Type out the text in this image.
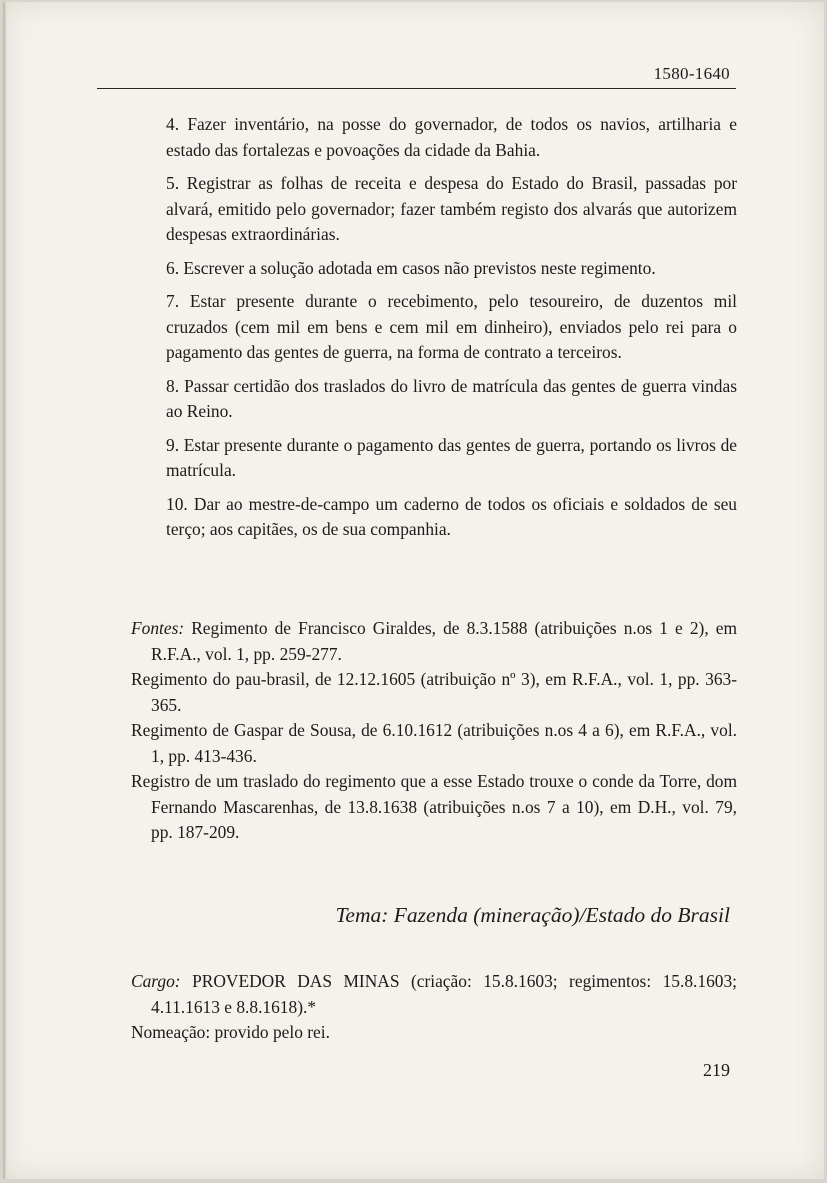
1580-1640

4. Fazer inventário, na posse do governador, de todos os navios, artilharia e estado das fortalezas e povoações da cidade da Bahia.

5. Registrar as folhas de receita e despesa do Estado do Brasil, passadas por alvará, emitido pelo governador; fazer também registo dos alvarás que autorizem despesas extraordinárias.

6. Escrever a solução adotada em casos não previstos neste regimento.

7. Estar presente durante o recebimento, pelo tesoureiro, de duzentos mil cruzados (cem mil em bens e cem mil em dinheiro), enviados pelo rei para o pagamento das gentes de guerra, na forma de contrato a terceiros.

8. Passar certidão dos traslados do livro de matrícula das gentes de guerra vindas ao Reino.

9. Estar presente durante o pagamento das gentes de guerra, portando os livros de matrícula.

10. Dar ao mestre-de-campo um caderno de todos os oficiais e soldados de seu terço; aos capitães, os de sua companhia.

Fontes: Regimento de Francisco Giraldes, de 8.3.1588 (atribuições n.os 1 e 2), em R.F.A., vol. 1, pp. 259-277.

Regimento do pau-brasil, de 12.12.1605 (atribuição nº 3), em R.F.A., vol. 1, pp. 363-365.

Regimento de Gaspar de Sousa, de 6.10.1612 (atribuições n.os 4 a 6), em R.F.A., vol. 1, pp. 413-436.

Registro de um traslado do regimento que a esse Estado trouxe o conde da Torre, dom Fernando Mascarenhas, de 13.8.1638 (atribuições n.os 7 a 10), em D.H., vol. 79, pp. 187-209.

Tema: Fazenda (mineração)/Estado do Brasil

Cargo: PROVEDOR DAS MINAS (criação: 15.8.1603; regimentos: 15.8.1603; 4.11.1613 e 8.8.1618).*

Nomeação: provido pelo rei.

219
